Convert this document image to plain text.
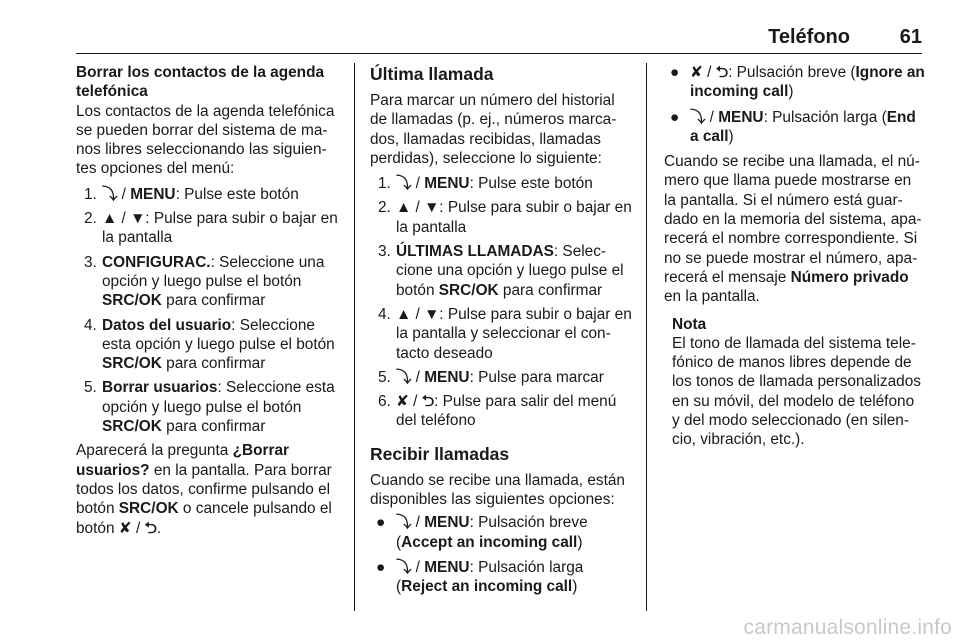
Teléfono 61
Borrar los contactos de la agenda telefónica

Los contactos de la agenda telefónica se pueden borrar del sistema de ma-nos libres seleccionando las siguien-tes opciones del menú:

1. ⤵ / MENU: Pulse este botón
2. ▲ / ▼: Pulse para subir o bajar en la pantalla
3. CONFIGURAC.: Seleccione una opción y luego pulse el botón SRC/OK para confirmar
4. Datos del usuario: Seleccione esta opción y luego pulse el botón SRC/OK para confirmar
5. Borrar usuarios: Seleccione esta opción y luego pulse el botón SRC/OK para confirmar

Aparecerá la pregunta ¿Borrar usuarios? en la pantalla. Para borrar todos los datos, confirme pulsando el botón SRC/OK o cancele pulsando el botón ✘ / ⮌.

Última llamada

Para marcar un número del historial de llamadas (p. ej., números marca-dos, llamadas recibidas, llamadas perdidas), seleccione lo siguiente:

1. ⤵ / MENU: Pulse este botón
2. ▲ / ▼: Pulse para subir o bajar en la pantalla
3. ÚLTIMAS LLAMADAS: Selec-cione una opción y luego pulse el botón SRC/OK para confirmar
4. ▲ / ▼: Pulse para subir o bajar en la pantalla y seleccionar el con-tacto deseado
5. ⤵ / MENU: Pulse para marcar
6. ✘ / ⮌: Pulse para salir del menú del teléfono
Recibir llamadas

Cuando se recibe una llamada, están disponibles las siguientes opciones:

● ⤵ / MENU: Pulsación breve (Accept an incoming call)
● ⤵ / MENU: Pulsación larga (Reject an incoming call)
● ✘ / ⮌: Pulsación breve (Ignore an incoming call)
● ⤵ / MENU: Pulsación larga (End a call)

Cuando se recibe una llamada, el nú-mero que llama puede mostrarse en la pantalla. Si el número está guar-dado en la memoria del sistema, apa-recerá el nombre correspondiente. Si no se puede mostrar el número, apa-recerá el mensaje Número privado en la pantalla.

Nota
El tono de llamada del sistema tele-fónico de manos libres depende de los tonos de llamada personalizados en su móvil, del modelo de teléfono y del modo seleccionado (en silen-cio, vibración, etc.).
carmanualsonline.info
